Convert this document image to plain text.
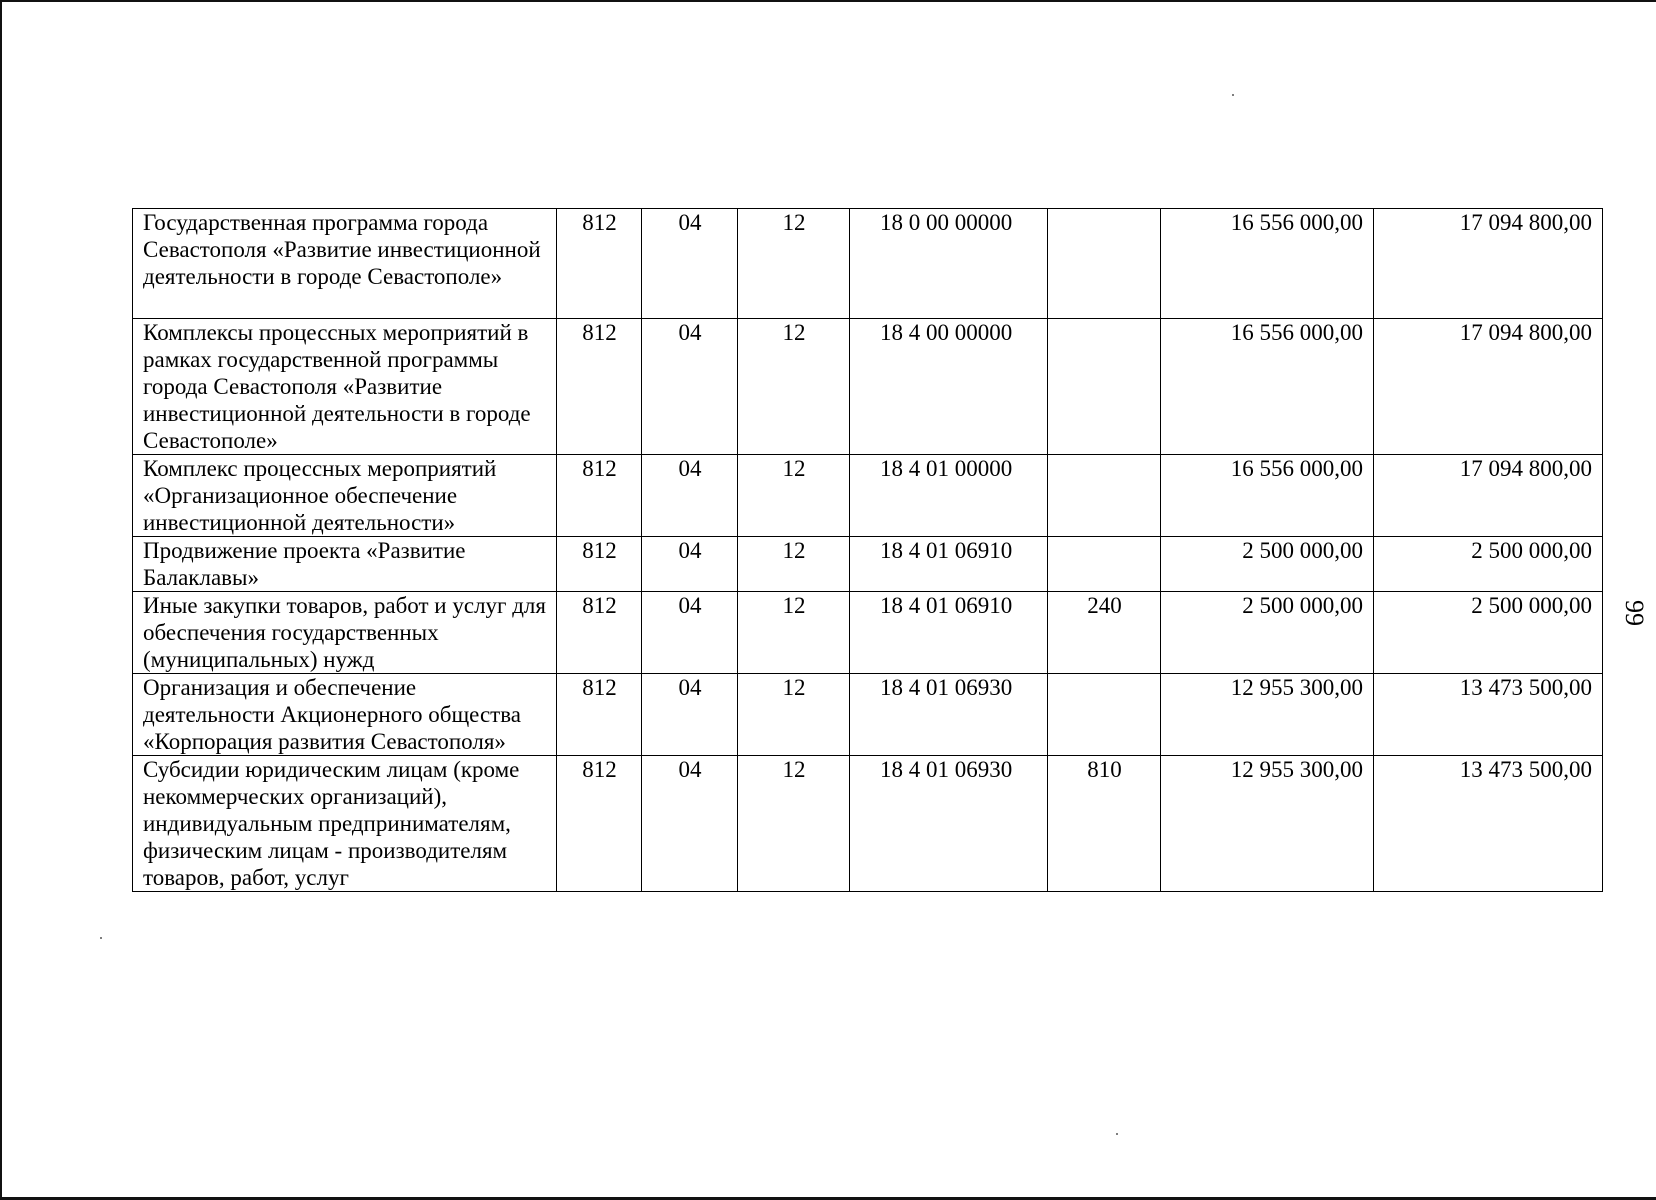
Государственная программа города Севастополя «Развитие инвестиционной деятельности в городе Севастополе»	812	04	12	18 0 00 00000		16 556 000,00	17 094 800,00
Комплексы процессных мероприятий в рамках государственной программы города Севастополя «Развитие инвестиционной деятельности в городе Севастополе»	812	04	12	18 4 00 00000		16 556 000,00	17 094 800,00
Комплекс процессных мероприятий «Организационное обеспечение инвестиционной деятельности»	812	04	12	18 4 01 00000		16 556 000,00	17 094 800,00
Продвижение проекта «Развитие Балаклавы»	812	04	12	18 4 01 06910		2 500 000,00	2 500 000,00
Иные закупки товаров, работ и услуг для обеспечения государственных (муниципальных) нужд	812	04	12	18 4 01 06910	240	2 500 000,00	2 500 000,00
Организация и обеспечение деятельности Акционерного общества «Корпорация развития Севастополя»	812	04	12	18 4 01 06930		12 955 300,00	13 473 500,00
Субсидии юридическим лицам (кроме некоммерческих организаций), индивидуальным предпринимателям, физическим лицам - производителям товаров, работ, услуг	812	04	12	18 4 01 06930	810	12 955 300,00	13 473 500,00
99
